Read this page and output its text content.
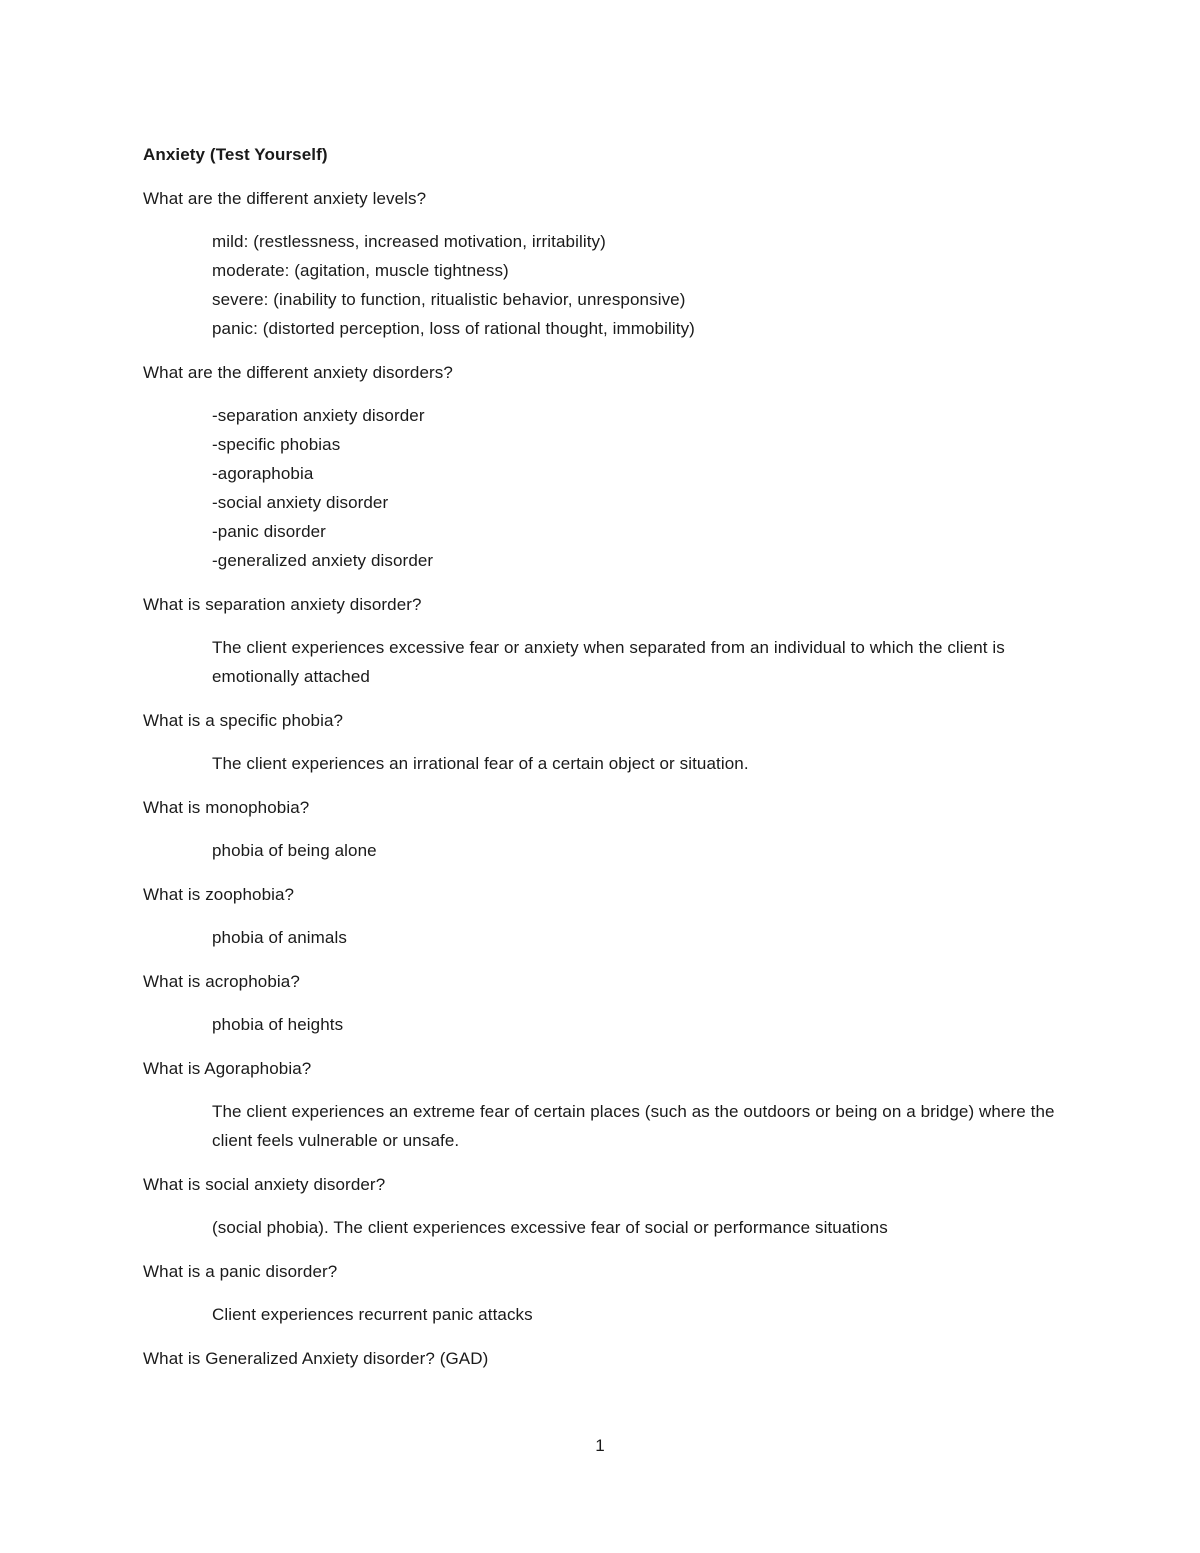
Anxiety (Test Yourself)
What are the different anxiety levels?
mild: (restlessness, increased motivation, irritability)
moderate: (agitation, muscle tightness)
severe: (inability to function, ritualistic behavior, unresponsive)
panic: (distorted perception, loss of rational thought, immobility)
What are the different anxiety disorders?
-separation anxiety disorder
-specific phobias
-agoraphobia
-social anxiety disorder
-panic disorder
-generalized anxiety disorder
What is separation anxiety disorder?
The client experiences excessive fear or anxiety when separated from an individual to which the client is emotionally attached
What is a specific phobia?
The client experiences an irrational fear of a certain object or situation.
What is monophobia?
phobia of being alone
What is zoophobia?
phobia of animals
What is acrophobia?
phobia of heights
What is Agoraphobia?
The client experiences an extreme fear of certain places (such as the outdoors or being on a bridge) where the client feels vulnerable or unsafe.
What is social anxiety disorder?
(social phobia). The client experiences excessive fear of social or performance situations
What is a panic disorder?
Client experiences recurrent panic attacks
What is Generalized Anxiety disorder? (GAD)
1
